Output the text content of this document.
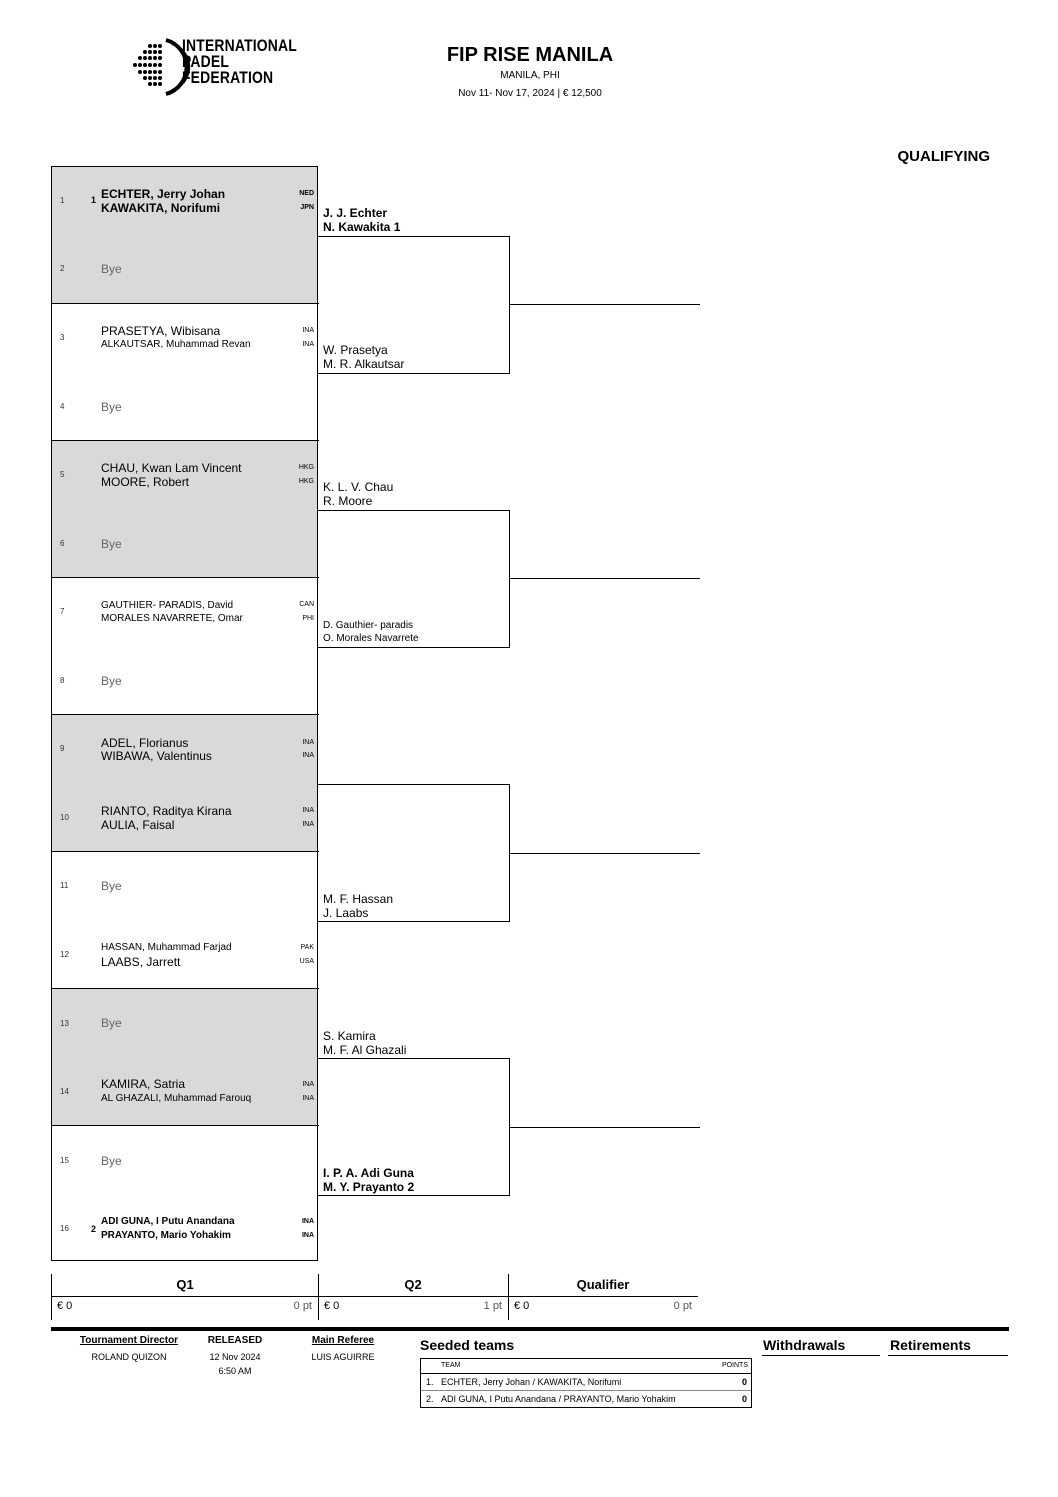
INTERNATIONAL
PADEL
FEDERATION
FIP RISE MANILA
MANILA, PHI
Nov 11- Nov 17, 2024 | € 12,500
QUALIFYING
1	1 ECHTER, Jerry Johan	NED
KAWAKITA, Norifumi	JPN
2	Bye
3	PRASETYA, Wibisana	INA
ALKAUTSAR, Muhammad Revan	INA
4	Bye
5	CHAU, Kwan Lam Vincent	HKG
MOORE, Robert	HKG
6	Bye
7
GAUTHIER- PARADIS, David	CAN
MORALES NAVARRETE, Omar	PHI
8	Bye
9	ADEL, Florianus	INA
WIBAWA, Valentinus	INA
10	RIANTO, Raditya Kirana	INA
AULIA, Faisal	INA
11	Bye
12
HASSAN, Muhammad Farjad	PAK
LAABS, Jarrett	USA
13	Bye
14
KAMIRA, Satria	INA
AL GHAZALI, Muhammad Farouq	INA
15	Bye
16 2
ADI GUNA, I Putu Anandana	INA
PRAYANTO, Mario Yohakim	INA
J. J. Echter
N. Kawakita 1
W. Prasetya
M. R. Alkautsar
K. L. V. Chau
R. Moore
D. Gauthier- paradis
O. Morales Navarrete
M. F. Hassan
J. Laabs
S. Kamira
M. F. Al Ghazali
I. P. A. Adi Guna
M. Y. Prayanto 2
Q1	Q2	Qualifier
€ 0	0 pt € 0	1 pt € 0	0 pt
Tournament Director
ROLAND QUIZON
RELEASED
12 Nov 2024
6:50 AM
Main Referee
LUIS AGUIRRE
Seeded teams
TEAM	POINTS
1. ECHTER, Jerry Johan / KAWAKITA, Norifumi	0
2. ADI GUNA, I Putu Anandana / PRAYANTO, Mario Yohakim	0
Withdrawals	Retirements
